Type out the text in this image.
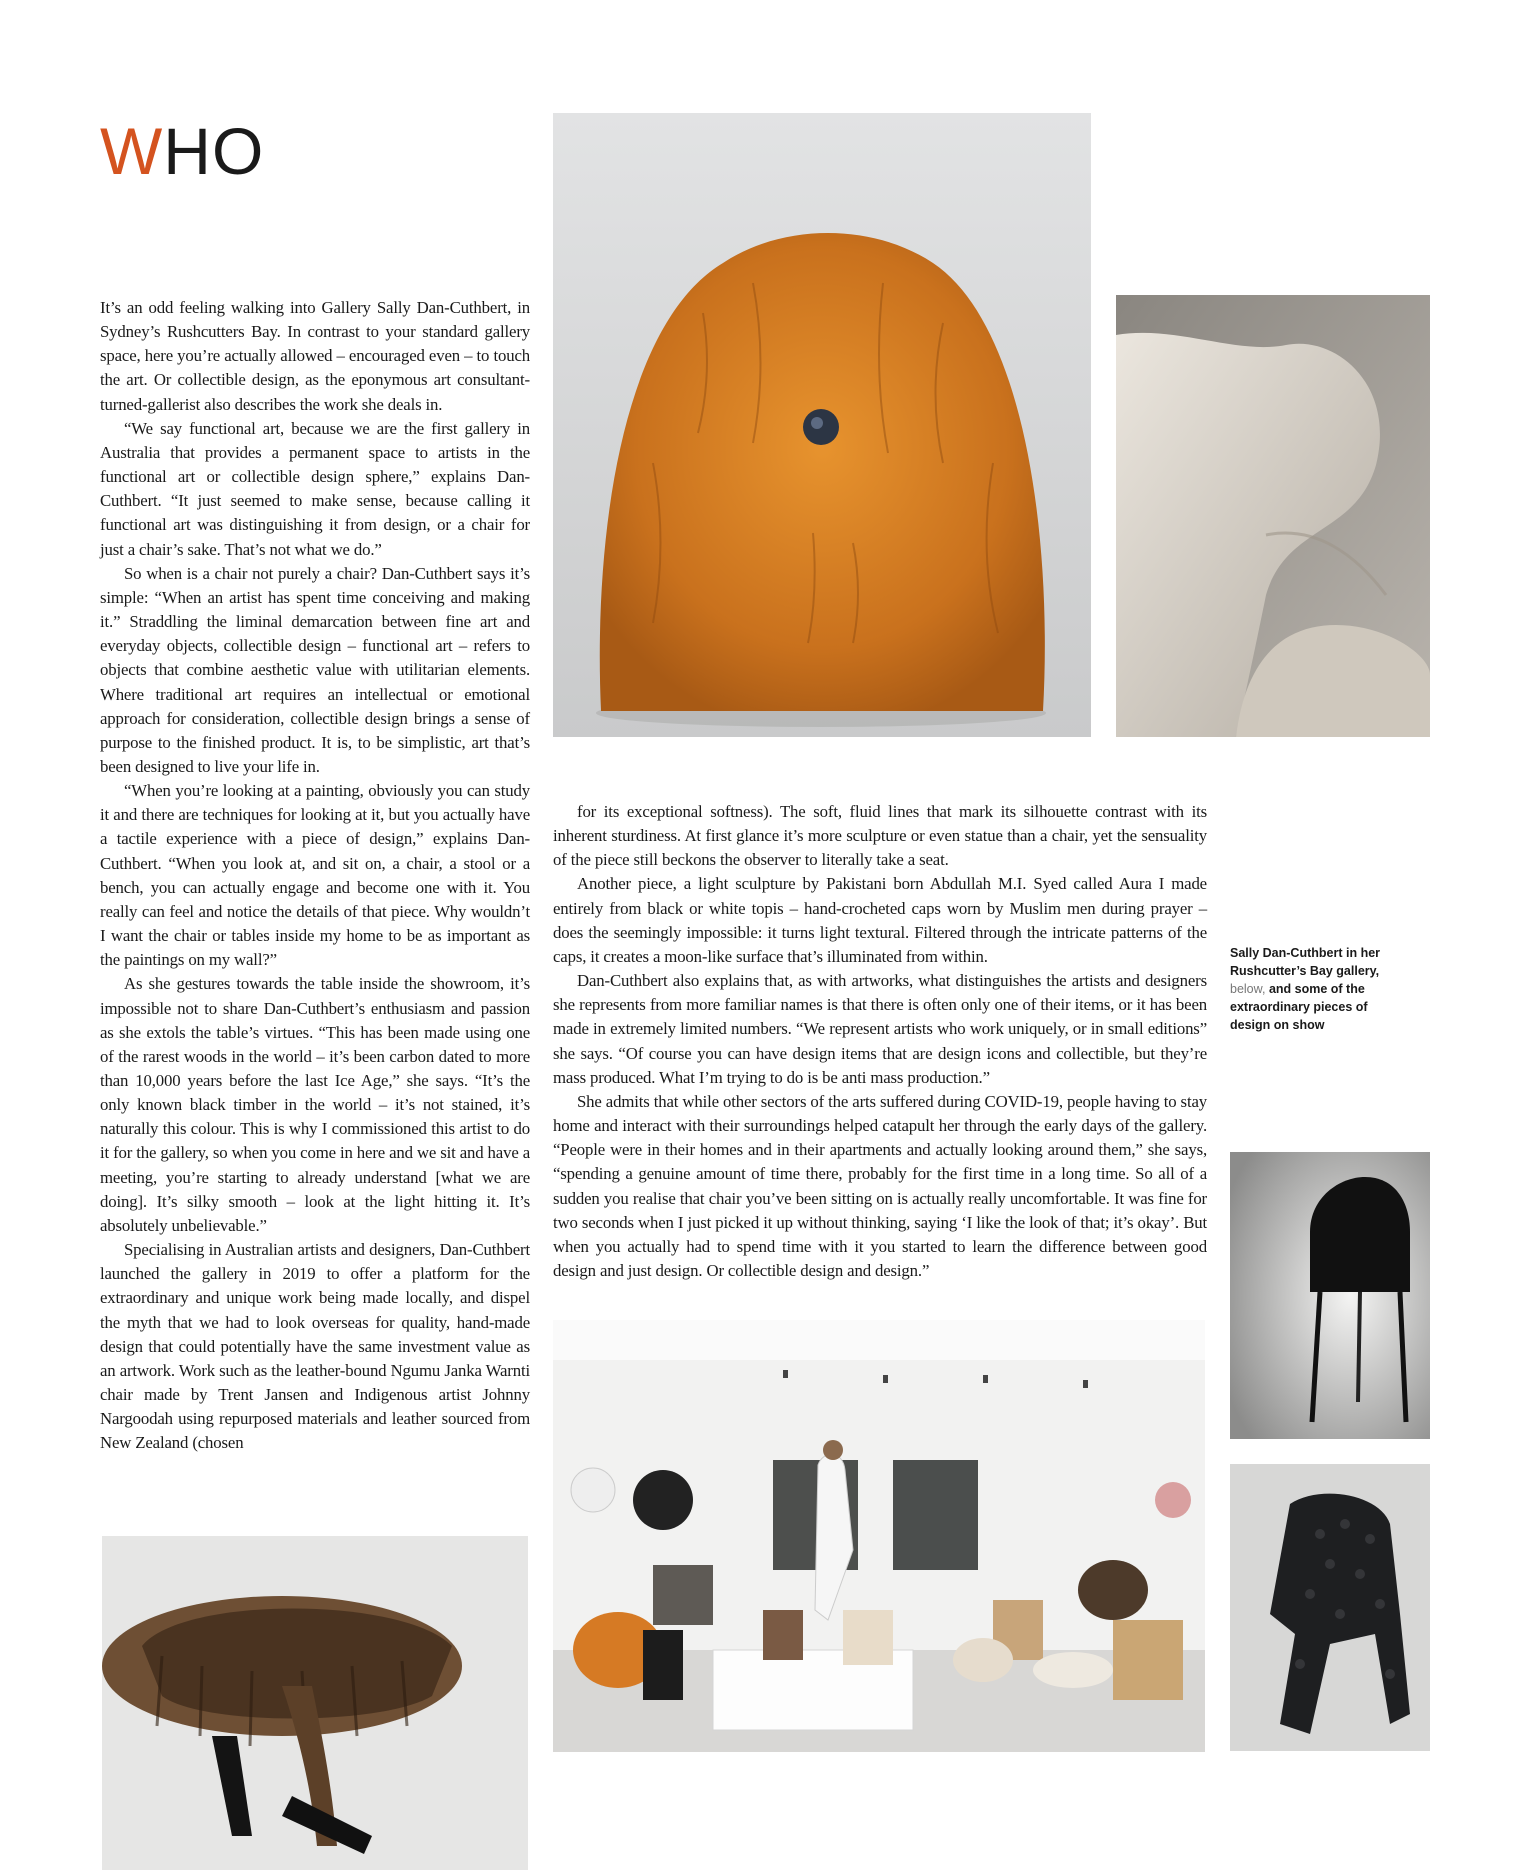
WHO

It’s an odd feeling walking into Gallery Sally Dan-Cuthbert, in Sydney’s Rushcutters Bay. In contrast to your standard gallery space, here you’re actually allowed – encouraged even – to touch the art. Or collectible design, as the eponymous art consultant-turned-gallerist also describes the work she deals in.

“We say functional art, because we are the first gallery in Australia that provides a permanent space to artists in the functional art or collectible design sphere,” explains Dan-Cuthbert. “It just seemed to make sense, because calling it functional art was distinguishing it from design, or a chair for just a chair’s sake. That’s not what we do.”

So when is a chair not purely a chair? Dan-Cuthbert says it’s simple: “When an artist has spent time conceiving and making it.” Straddling the liminal demarcation between fine art and everyday objects, collectible design – functional art – refers to objects that combine aesthetic value with utilitarian elements. Where traditional art requires an intellectual or emotional approach for consideration, collectible design brings a sense of purpose to the finished product. It is, to be simplistic, art that’s been designed to live your life in.

“When you’re looking at a painting, obviously you can study it and there are techniques for looking at it, but you actually have a tactile experience with a piece of design,” explains Dan-Cuthbert. “When you look at, and sit on, a chair, a stool or a bench, you can actually engage and become one with it. You really can feel and notice the details of that piece. Why wouldn’t I want the chair or tables inside my home to be as important as the paintings on my wall?”

As she gestures towards the table inside the showroom, it’s impossible not to share Dan-Cuthbert’s enthusiasm and passion as she extols the table’s virtues. “This has been made using one of the rarest woods in the world – it’s been carbon dated to more than 10,000 years before the last Ice Age,” she says. “It’s the only known black timber in the world – it’s not stained, it’s naturally this colour. This is why I commissioned this artist to do it for the gallery, so when you come in here and we sit and have a meeting, you’re starting to already understand [what we are doing]. It’s silky smooth – look at the light hitting it. It’s absolutely unbelievable.”

Specialising in Australian artists and designers, Dan-Cuthbert launched the gallery in 2019 to offer a platform for the extraordinary and unique work being made locally, and dispel the myth that we had to look overseas for quality, hand-made design that could potentially have the same investment value as an artwork. Work such as the leather-bound Ngumu Janka Warnti chair made by Trent Jansen and Indigenous artist Johnny Nargoodah using repurposed materials and leather sourced from New Zealand (chosen

for its exceptional softness). The soft, fluid lines that mark its silhouette contrast with its inherent sturdiness. At first glance it’s more sculpture or even statue than a chair, yet the sensuality of the piece still beckons the observer to literally take a seat.

Another piece, a light sculpture by Pakistani born Abdullah M.I. Syed called Aura I made entirely from black or white topis – hand-crocheted caps worn by Muslim men during prayer – does the seemingly impossible: it turns light textural. Filtered through the intricate patterns of the caps, it creates a moon-like surface that’s illuminated from within.

Dan-Cuthbert also explains that, as with artworks, what distinguishes the artists and designers she represents from more familiar names is that there is often only one of their items, or it has been made in extremely limited numbers. “We represent artists who work uniquely, or in small editions” she says. “Of course you can have design items that are design icons and collectible, but they’re mass produced. What I’m trying to do is be anti mass production.”

She admits that while other sectors of the arts suffered during COVID-19, people having to stay home and interact with their surroundings helped catapult her through the early days of the gallery. “People were in their homes and in their apartments and actually looking around them,” she says, “spending a genuine amount of time there, probably for the first time in a long time. So all of a sudden you realise that chair you’ve been sitting on is actually really uncomfortable. It was fine for two seconds when I just picked it up without thinking, saying ‘I like the look of that; it’s okay’. But when you actually had to spend time with it you started to learn the difference between good design and just design. Or collectible design and design.”

Sally Dan-Cuthbert in her Rushcutter’s Bay gallery, below, and some of the extraordinary pieces of design on show
